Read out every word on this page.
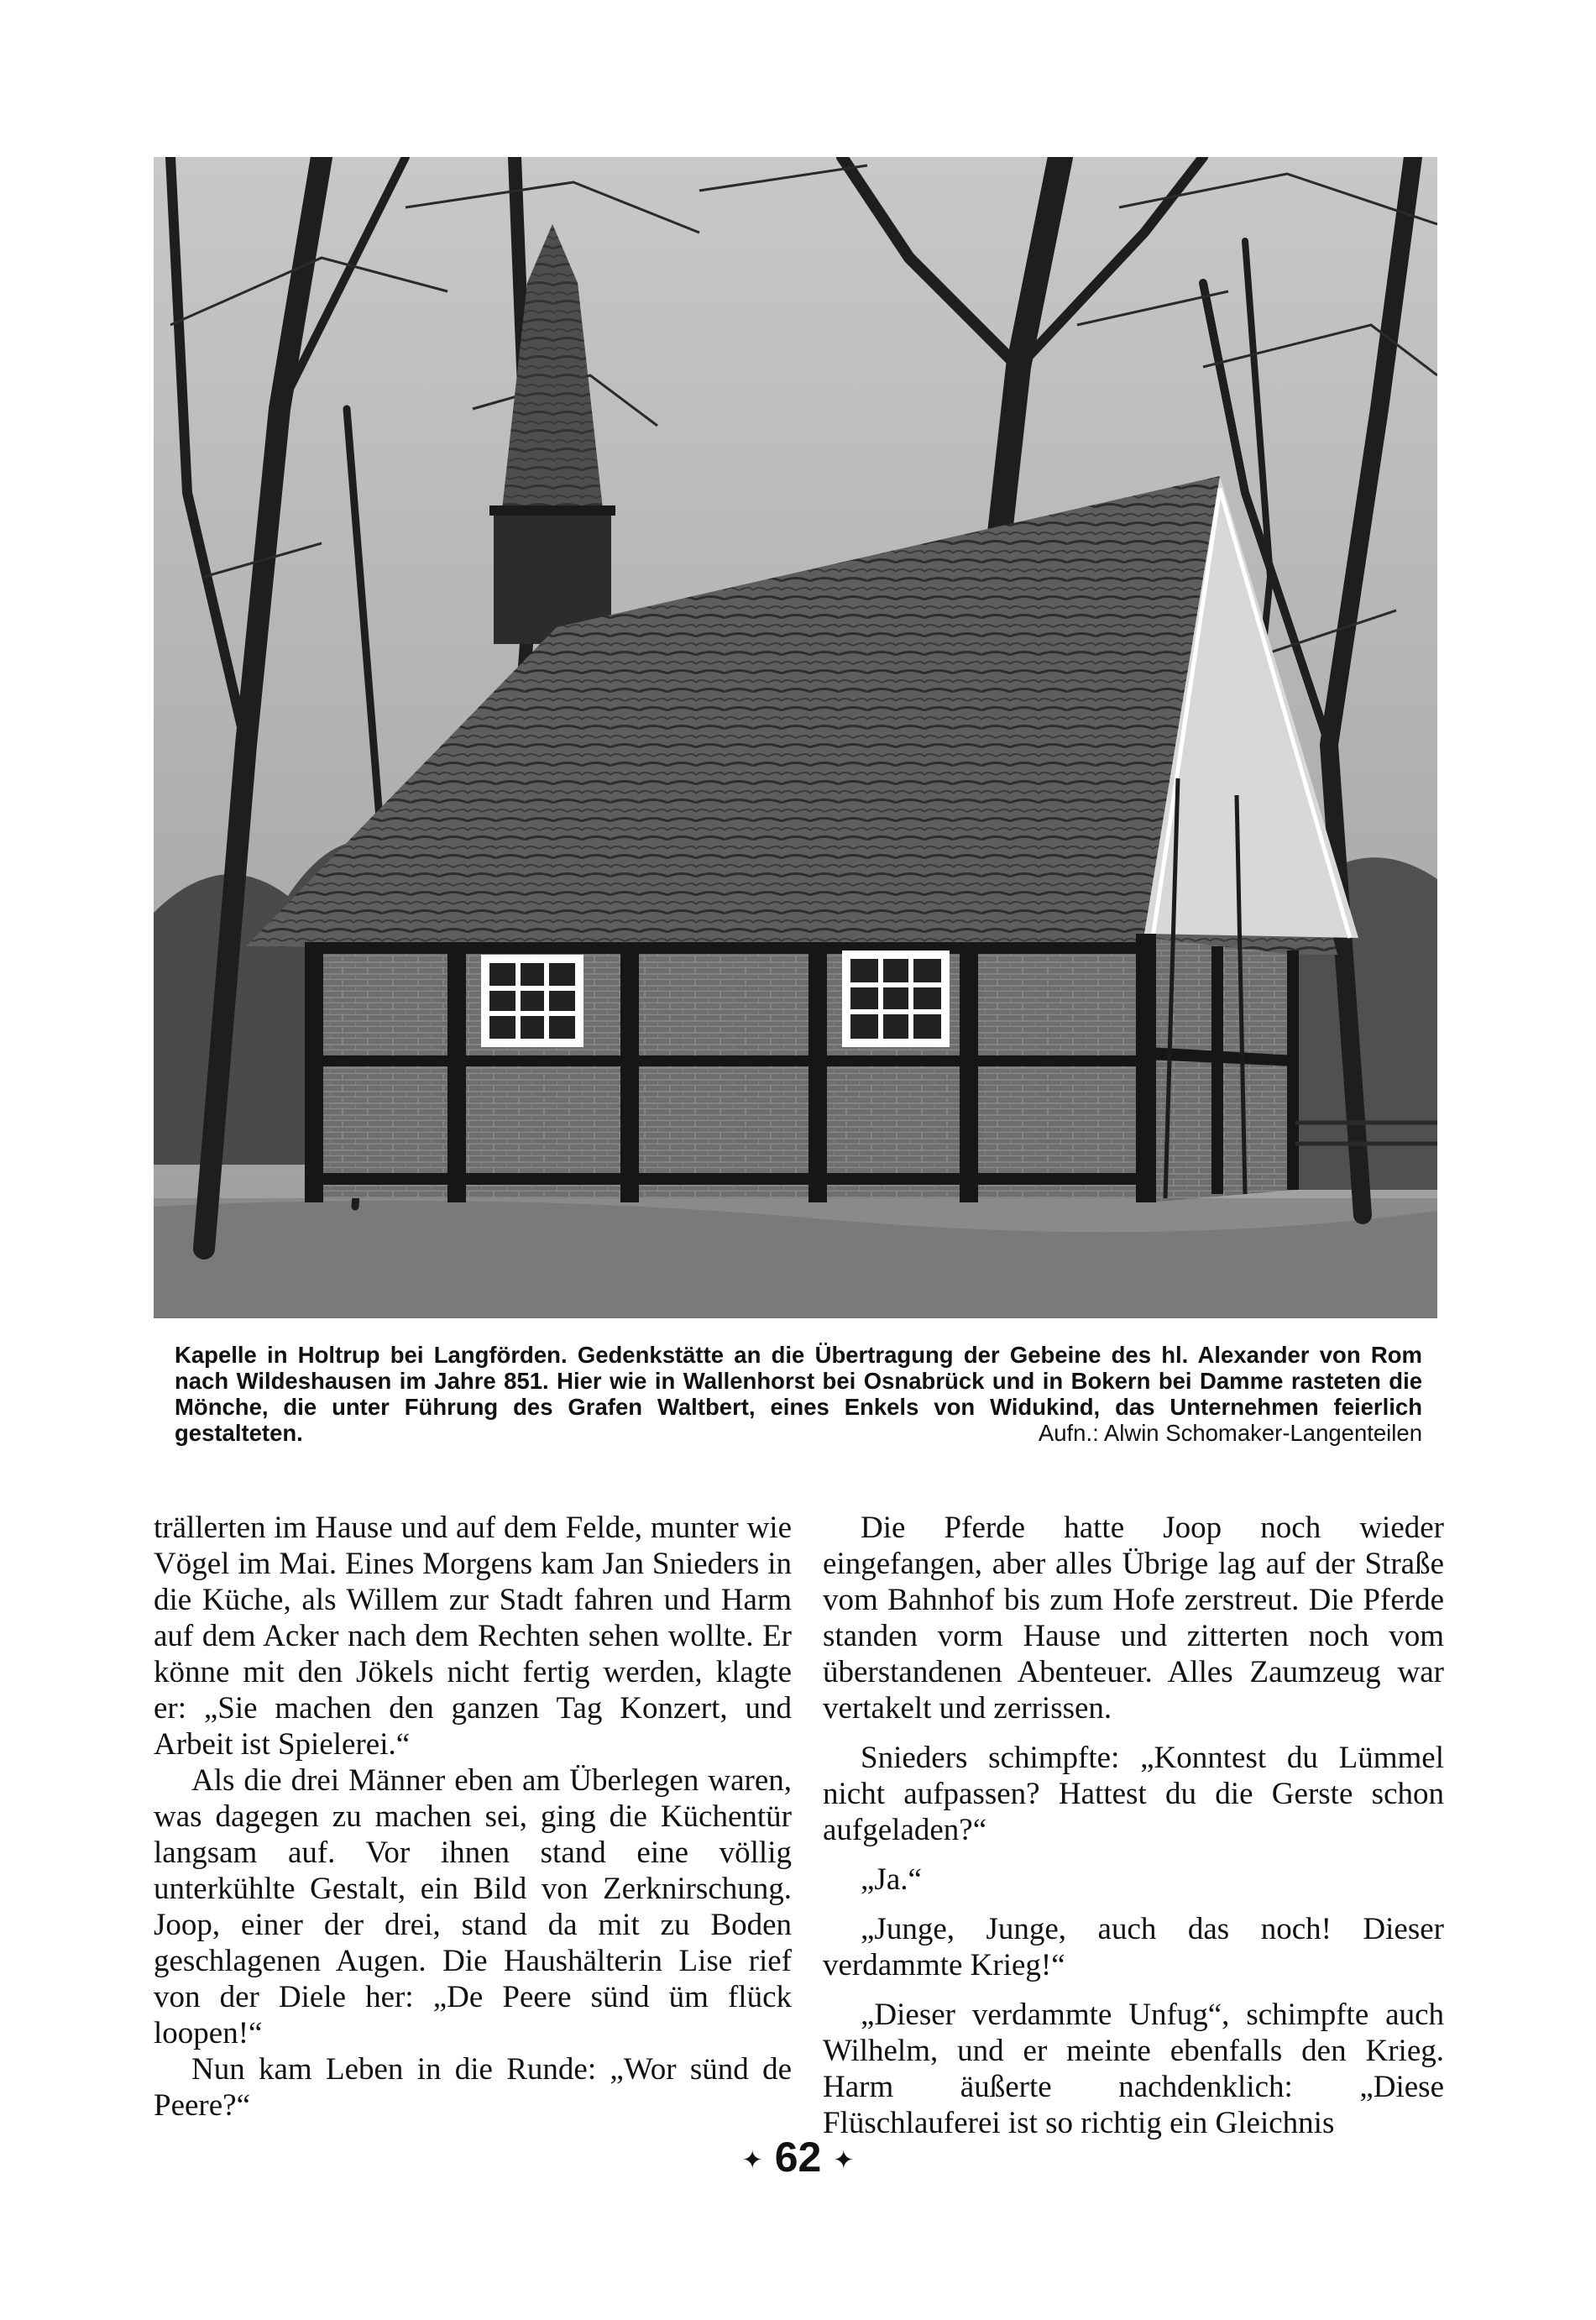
Kapelle in Holtrup bei Langförden. Gedenkstätte an die Übertragung der Gebeine des hl. Alexander von Rom nach Wildeshausen im Jahre 851. Hier wie in Wallenhorst bei Osnabrück und in Bokern bei Damme rasteten die Mönche, die unter Führung des Grafen Waltbert, eines Enkels von Widukind, das Unternehmen feierlich gestalteten.	Aufn.: Alwin Schomaker-Langenteilen

trällerten im Hause und auf dem Felde, munter wie Vögel im Mai. Eines Morgens kam Jan Snieders in die Küche, als Willem zur Stadt fahren und Harm auf dem Acker nach dem Rechten sehen wollte. Er könne mit den Jökels nicht fertig werden, klagte er: „Sie machen den ganzen Tag Konzert, und Arbeit ist Spielerei.“

Als die drei Männer eben am Überlegen waren, was dagegen zu machen sei, ging die Küchentür langsam auf. Vor ihnen stand eine völlig unterkühlte Gestalt, ein Bild von Zerknirschung. Joop, einer der drei, stand da mit zu Boden geschlagenen Augen. Die Haushälterin Lise rief von der Diele her: „De Peere sünd üm flück loopen!“

Nun kam Leben in die Runde: „Wor sünd de Peere?“

Die Pferde hatte Joop noch wieder eingefangen, aber alles Übrige lag auf der Straße vom Bahnhof bis zum Hofe zerstreut. Die Pferde standen vorm Hause und zitterten noch vom überstandenen Abenteuer. Alles Zaumzeug war vertakelt und zerrissen.

Snieders schimpfte: „Konntest du Lümmel nicht aufpassen? Hattest du die Gerste schon aufgeladen?“

„Ja.“

„Junge, Junge, auch das noch! Dieser verdammte Krieg!“

„Dieser verdammte Unfug“, schimpfte auch Wilhelm, und er meinte ebenfalls den Krieg. Harm äußerte nachdenklich: „Diese Flüschlauferei ist so richtig ein Gleichnis

✦ 62 ✦
